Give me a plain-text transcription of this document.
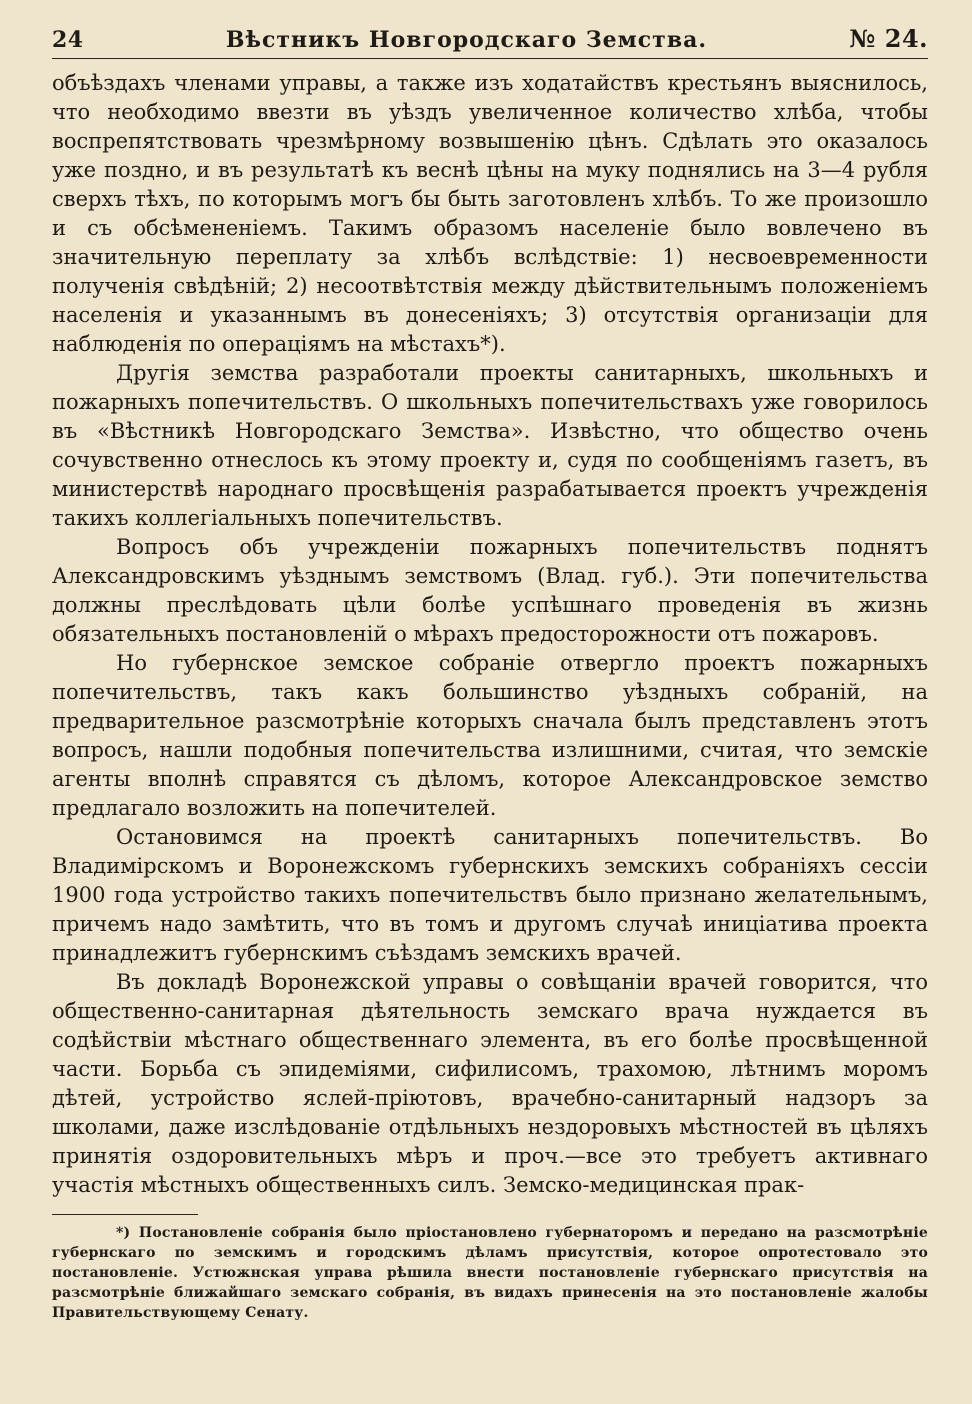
24	Вѣстникъ Новгородскаго Земства.	№ 24.

объѣздахъ членами управы, а также изъ ходатайствъ крестьянъ выяснилось, что необходимо ввезти въ уѣздъ увеличенное количество хлѣба, чтобы воспрепятствовать чрезмѣрному возвышенію цѣнъ. Сдѣлать это оказалось уже поздно, и въ результатѣ къ веснѣ цѣны на муку поднялись на 3—4 рубля сверхъ тѣхъ, по которымъ могъ бы быть заготовленъ хлѣбъ. То же произошло и съ обсѣмененіемъ. Такимъ образомъ населеніе было вовлечено въ значительную переплату за хлѣбъ вслѣдствіе: 1) несвоевременности полученія свѣдѣній; 2) несоотвѣтствія между дѣйствительнымъ положеніемъ населенія и указаннымъ въ донесеніяхъ; 3) отсутствія организаціи для наблюденія по операціямъ на мѣстахъ*).

Другія земства разработали проекты санитарныхъ, школьныхъ и пожарныхъ попечительствъ. О школьныхъ попечительствахъ уже говорилось въ «Вѣстникѣ Новгородскаго Земства». Извѣстно, что общество очень сочувственно отнеслось къ этому проекту и, судя по сообщеніямъ газетъ, въ министерствѣ народнаго просвѣщенія разрабатывается проектъ учрежденія такихъ коллегіальныхъ попечительствъ.

Вопросъ объ учрежденіи пожарныхъ попечительствъ поднятъ Александровскимъ уѣзднымъ земствомъ (Влад. губ.). Эти попечительства должны преслѣдовать цѣли болѣе успѣшнаго проведенія въ жизнь обязательныхъ постановленій о мѣрахъ предосторожности отъ пожаровъ.

Но губернское земское собраніе отвергло проектъ пожарныхъ попечительствъ, такъ какъ большинство уѣздныхъ собраній, на предварительное разсмотрѣніе которыхъ сначала былъ представленъ этотъ вопросъ, нашли подобныя попечительства излишними, считая, что земскіе агенты вполнѣ справятся съ дѣломъ, которое Александровское земство предлагало возложить на попечителей.

Остановимся на проектѣ санитарныхъ попечительствъ. Во Владимірскомъ и Воронежскомъ губернскихъ земскихъ собраніяхъ сессіи 1900 года устройство такихъ попечительствъ было признано желательнымъ, причемъ надо замѣтить, что въ томъ и другомъ случаѣ иниціатива проекта принадлежитъ губернскимъ съѣздамъ земскихъ врачей.

Въ докладѣ Воронежской управы о совѣщаніи врачей говорится, что общественно-санитарная дѣятельность земскаго врача нуждается въ содѣйствіи мѣстнаго общественнаго элемента, въ его болѣе просвѣщенной части. Борьба съ эпидеміями, сифилисомъ, трахомою, лѣтнимъ моромъ дѣтей, устройство яслей-пріютовъ, врачебно-санитарный надзоръ за школами, даже изслѣдованіе отдѣльныхъ нездоровыхъ мѣстностей въ цѣляхъ принятія оздоровительныхъ мѣръ и проч.—все это требуетъ активнаго участія мѣстныхъ общественныхъ силъ. Земско-медицинская прак-

*) Постановленіе собранія было пріостановлено губернаторомъ и передано на разсмотрѣніе губернскаго по земскимъ и городскимъ дѣламъ присутствія, которое опротестовало это постановленіе. Устюжнская управа рѣшила внести постановленіе губернскаго присутствія на разсмотрѣніе ближайшаго земскаго собранія, въ видахъ принесенія на это постановленіе жалобы Правительствующему Сенату.
